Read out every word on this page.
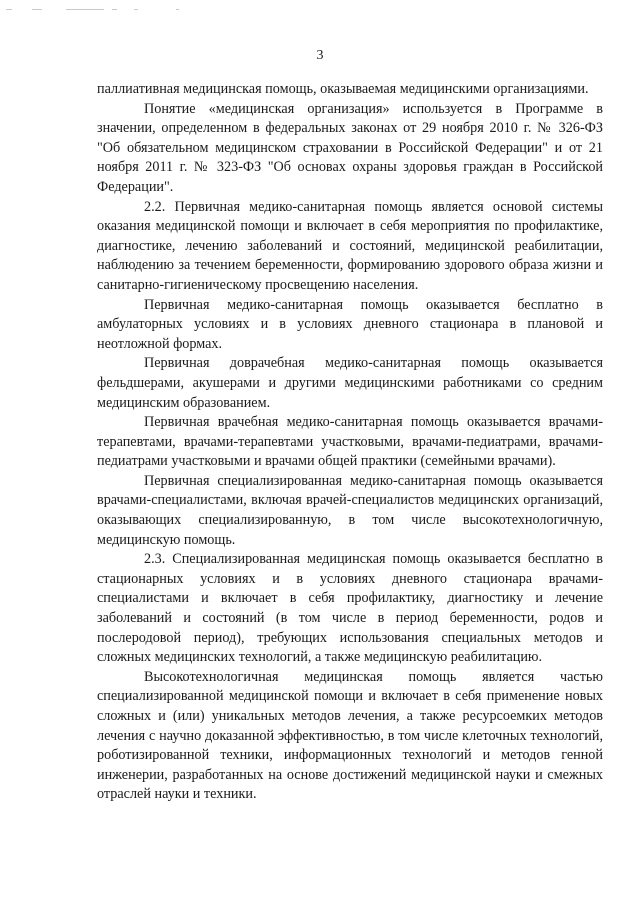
3

паллиативная медицинская помощь, оказываемая медицинскими организациями.

Понятие «медицинская организация» используется в Программе в значении, определенном в федеральных законах от 29 ноября 2010 г. № 326-ФЗ "Об обязательном медицинском страховании в Российской Федерации" и от 21 ноября 2011 г. № 323-ФЗ "Об основах охраны здоровья граждан в Российской Федерации".

2.2. Первичная медико-санитарная помощь является основой системы оказания медицинской помощи и включает в себя мероприятия по профилактике, диагностике, лечению заболеваний и состояний, медицинской реабилитации, наблюдению за течением беременности, формированию здорового образа жизни и санитарно-гигиеническому просвещению населения.

Первичная медико-санитарная помощь оказывается бесплатно в амбулаторных условиях и в условиях дневного стационара в плановой и неотложной формах.

Первичная доврачебная медико-санитарная помощь оказывается фельдшерами, акушерами и другими медицинскими работниками со средним медицинским образованием.

Первичная врачебная медико-санитарная помощь оказывается врачами-терапевтами, врачами-терапевтами участковыми, врачами-педиатрами, врачами-педиатрами участковыми и врачами общей практики (семейными врачами).

Первичная специализированная медико-санитарная помощь оказывается врачами-специалистами, включая врачей-специалистов медицинских организаций, оказывающих специализированную, в том числе высокотехнологичную, медицинскую помощь.

2.3. Специализированная медицинская помощь оказывается бесплатно в стационарных условиях и в условиях дневного стационара врачами-специалистами и включает в себя профилактику, диагностику и лечение заболеваний и состояний (в том числе в период беременности, родов и послеродовой период), требующих использования специальных методов и сложных медицинских технологий, а также медицинскую реабилитацию.

Высокотехнологичная медицинская помощь является частью специализированной медицинской помощи и включает в себя применение новых сложных и (или) уникальных методов лечения, а также ресурсоемких методов лечения с научно доказанной эффективностью, в том числе клеточных технологий, роботизированной техники, информационных технологий и методов генной инженерии, разработанных на основе достижений медицинской науки и смежных отраслей науки и техники.
